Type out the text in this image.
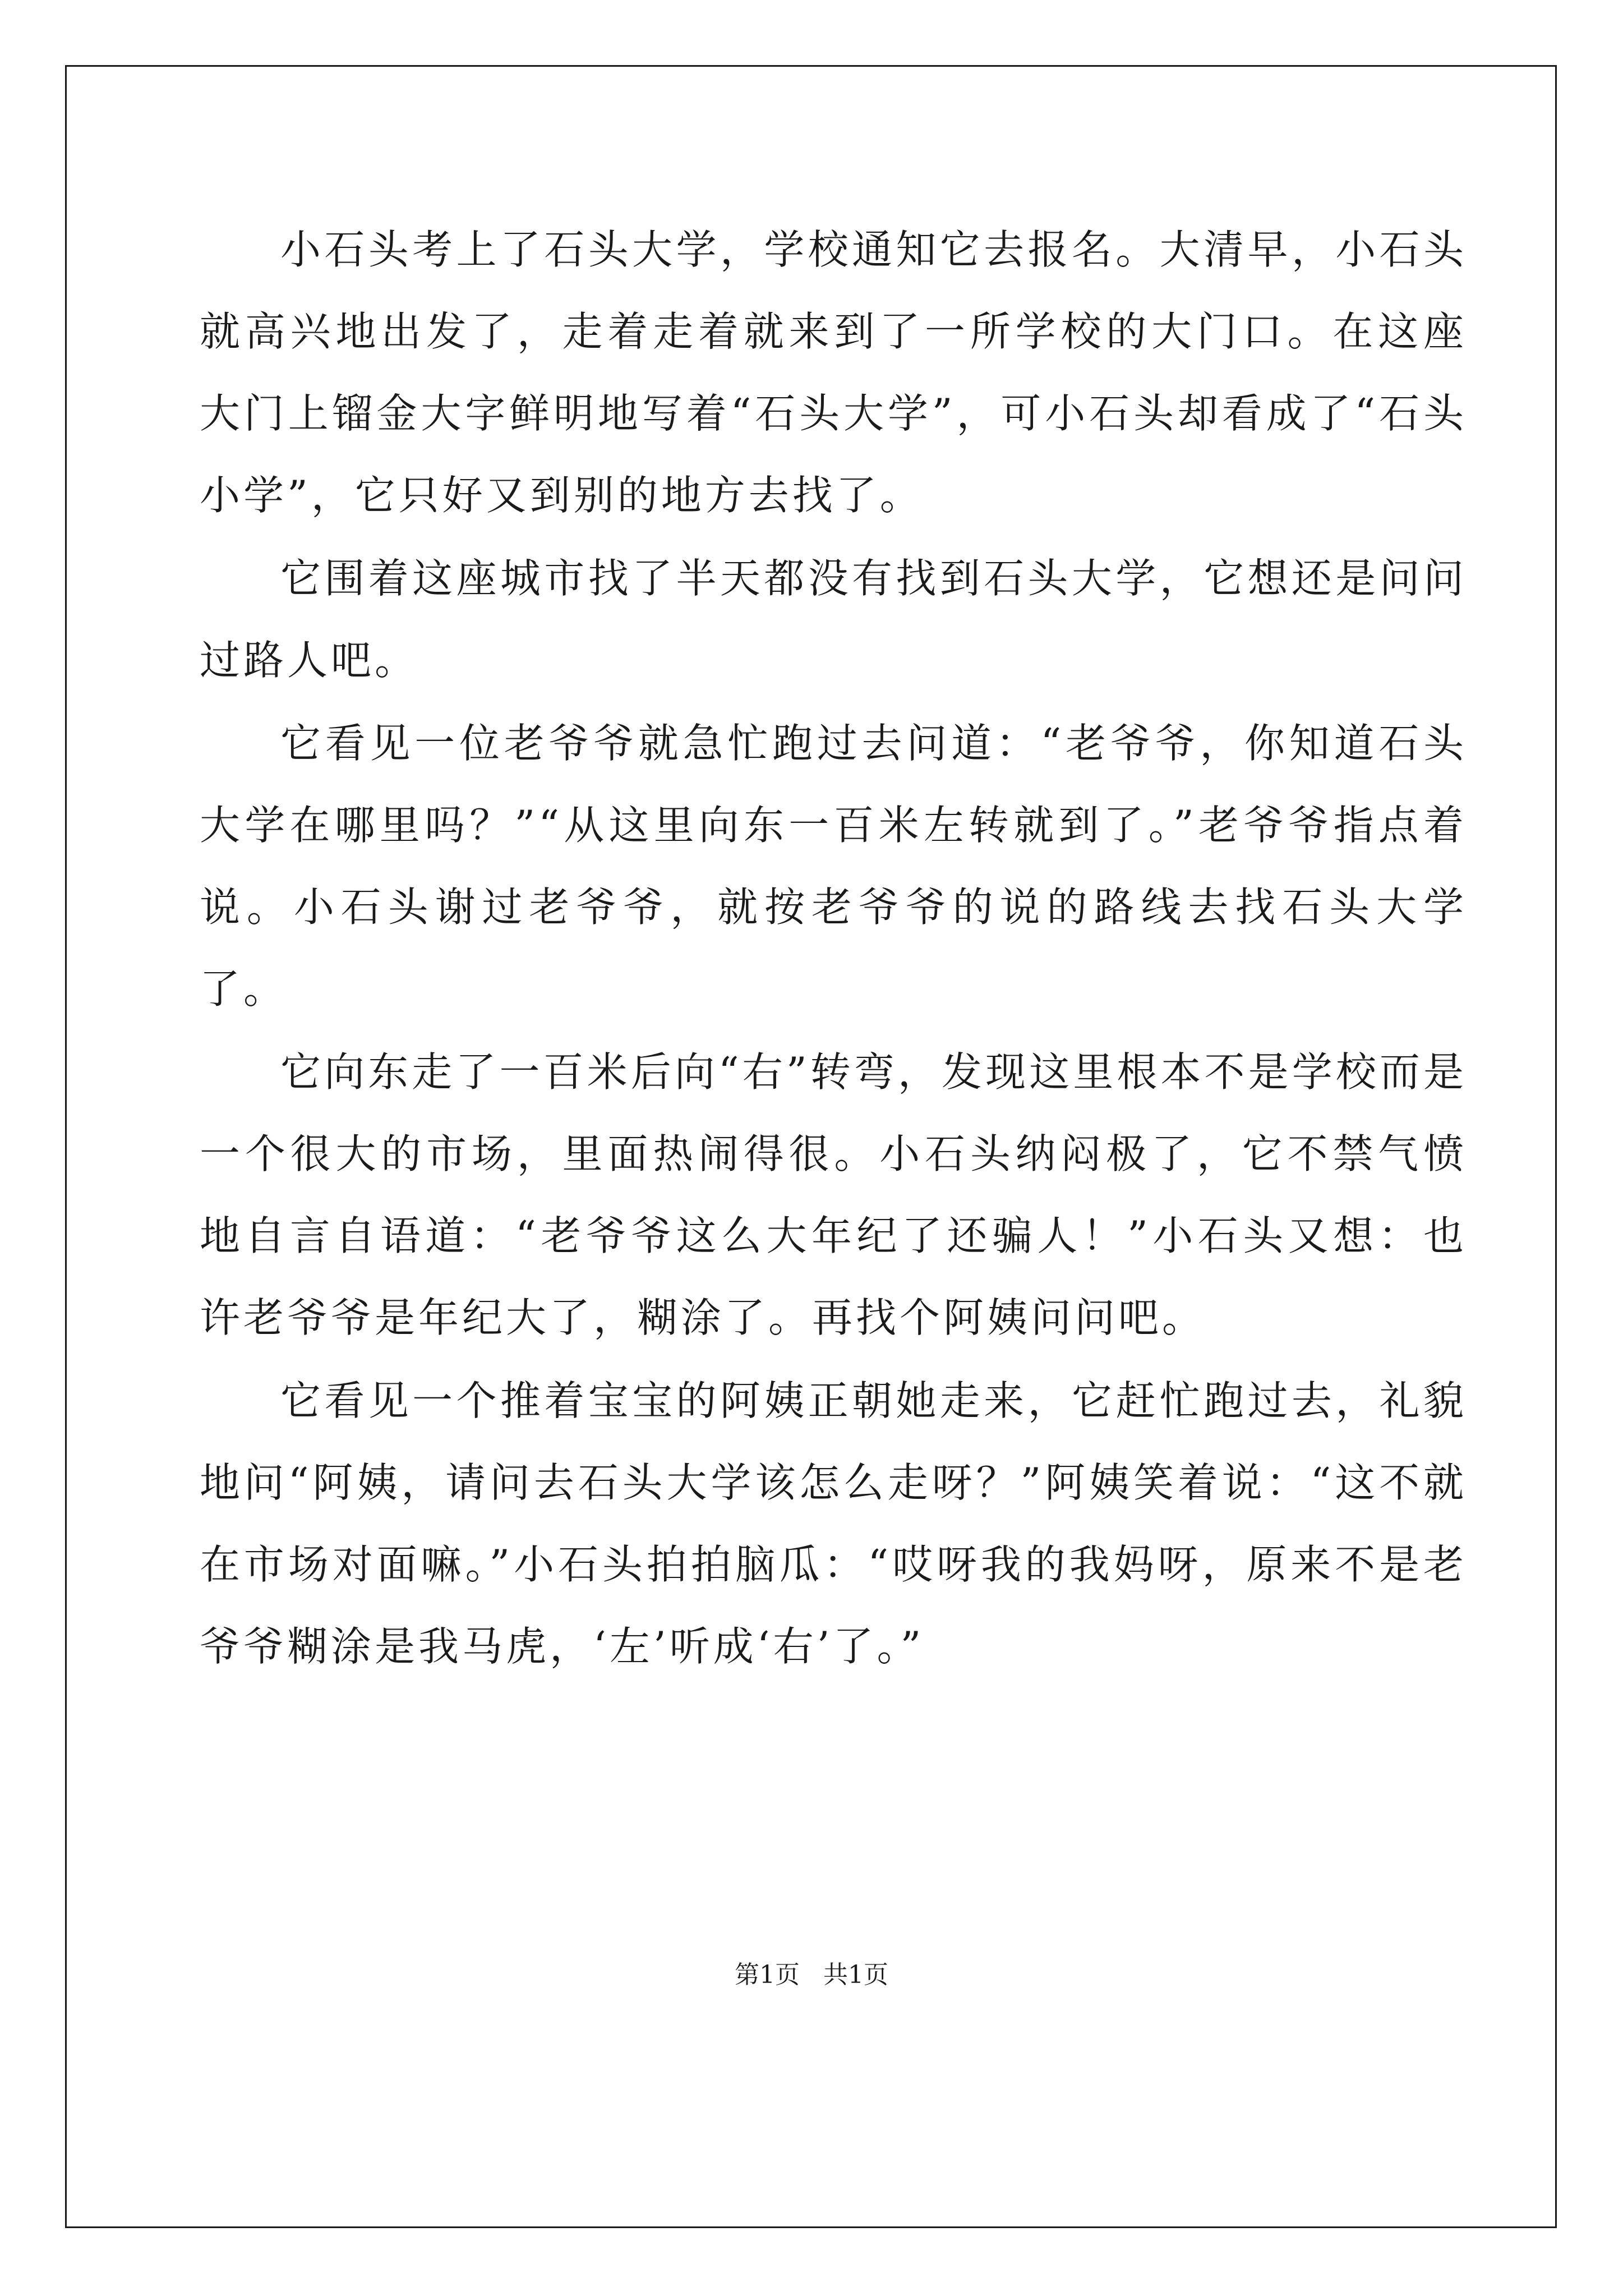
小石头考上了石头大学，学校通知它去报名。大清早，小石头就高兴地出发了，走着走着就来到了一所学校的大门口。在这座大门上镏金大字鲜明地写着“石头大学”，可小石头却看成了“石头小学”，它只好又到别的地方去找了。

它围着这座城市找了半天都没有找到石头大学，它想还是问问过路人吧。

它看见一位老爷爷就急忙跑过去问道：“老爷爷，你知道石头大学在哪里吗？”“从这里向东一百米左转就到了。”老爷爷指点着说。小石头谢过老爷爷，就按老爷爷的说的路线去找石头大学了。

它向东走了一百米后向“右”转弯，发现这里根本不是学校而是一个很大的市场，里面热闹得很。小石头纳闷极了，它不禁气愤地自言自语道：“老爷爷这么大年纪了还骗人！”小石头又想：也许老爷爷是年纪大了，糊涂了。再找个阿姨问问吧。

它看见一个推着宝宝的阿姨正朝她走来，它赶忙跑过去，礼貌地问“阿姨，请问去石头大学该怎么走呀？”阿姨笑着说：“这不就在市场对面嘛。”小石头拍拍脑瓜：“哎呀我的我妈呀，原来不是老爷爷糊涂是我马虎，‘左’听成‘右’了。”

第1页   共1页
